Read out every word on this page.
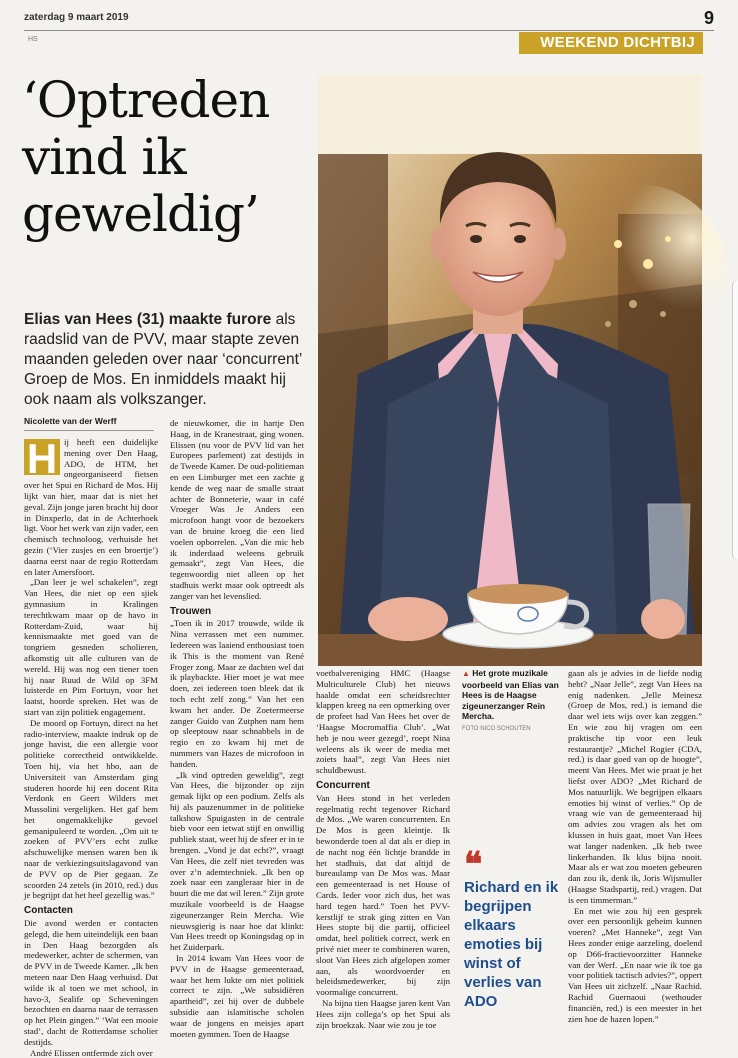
zaterdag 9 maart 2019	9
HS	WEEKEND DICHTBIJ
‘Optreden vind ik geweldig’
Elias van Hees (31) maakte furore als raadslid van de PVV, maar stapte zeven maanden geleden over naar ‘concurrent’ Groep de Mos. En inmiddels maakt hij ook naam als volkszanger.
Nicolette van der Werff

H ij heeft een duidelijke mening over Den Haag, ADO, de HTM, het ongeorganiseerd fietsen over het Spui en Richard de Mos. Hij lijkt van hier, maar dat is niet het geval. Zijn jonge jaren bracht hij door in Dinxperlo, dat in de Achterhoek ligt. Voor het werk van zijn vader, een chemisch technoloog, verhuisde het gezin (‘Vier zusjes en een broertje’) daarna eerst naar de regio Rotterdam en later Amersfoort.

„Dan leer je wel schakelen”, zegt Van Hees, die niet op een sjiek gymnasium in Kralingen terechtkwam maar op de havo in Rotterdam-Zuid, waar hij kennismaakte met goed van de tongriem gesneden scholieren, afkomstig uit alle culturen van de wereld. Hij was nog een tiener toen hij naar Ruud de Wild op 3FM luisterde en Pim Fortuyn, voor het laatst, hoorde spreken. Het was de start van zijn politiek engagement.

De moord op Fortuyn, direct na het radio-interview, maakte indruk op de jonge havist, die een allergie voor politieke correctheid ontwikkelde. Toen hij, via het hbo, aan de Universiteit van Amsterdam ging studeren hoorde hij een docent Rita Verdonk en Geert Wilders met Mussolini vergelijken. Het gaf hem het ongemakkelijke gevoel gemanipuleerd te worden. „Om uit te zoeken of PVV’ers echt zulke afschuwelijke mensen waren ben ik naar de verkiezingsuitslagavond van de PVV op de Pier gegaan. Ze scoorden 24 zetels (in 2010, red.) dus je begrijpt dat het heel gezellig was.”

Contacten

Die avond werden er contacten gelegd, die hem uiteindelijk een baan in Den Haag bezorgden als medewerker, achter de schermen, van de PVV in de Tweede Kamer. „Ik ben meteen naar Den Haag verhuisd. Dat wilde ik al toen we met school, in havo-3, Sealife op Scheveningen bezochten en daarna naar de terrassen op het Plein gingen.” ‘Wat een mooie stad’, dacht de Rotterdamse scholier destijds.

André Elissen ontfermde zich over

de nieuwkomer, die in hartje Den Haag, in de Kranestraat, ging wonen. Elissen (nu voor de PVV lid van het Europees parlement) zat destijds in de Tweede Kamer. De oud-politieman en een Limburger met een zachte g kende de weg naar de smalle straat achter de Bonneterie, waar in café Vroeger Was Je Anders een microfoon hangt voor de bezoekers van de bruine kroeg die een lied voelen opborrelen. „Van die mic heb ik inderdaad weleens gebruik gemaakt”, zegt Van Hees, die tegenwoordig niet alleen op het stadhuis werkt maar ook optreedt als zanger van het levenslied.

Trouwen

„Toen ik in 2017 trouwde, wilde ik Nina verrassen met een nummer. Iedereen was laaiend enthousiast toen ik This is the moment van René Froger zong. Maar ze dachten wel dat ik playbackte. Hier moet je wat mee doen, zei iedereen toen bleek dat ik toch echt zelf zong.” Van het een kwam het ander. De Zoetermeerse zanger Guido van Zutphen nam hem op sleeptouw naar schnabbels in de regio en zo kwam hij met de nummers van Hazes de microfoon in handen.

„Ik vind optreden geweldig”, zegt Van Hees, die bijzonder op zijn gemak lijkt op een podium. Zelfs als hij als pauzenummer in de politieke talkshow Spuigasten in de centrale bieb voor een ietwat stijf en onwillig publiek staat, weet hij de sfeer er in te brengen. „Vond je dat echt?”, vraagt Van Hees, die zelf niet tevreden was over z’n ademtechniek. „Ik ben op zoek naar een zangleraar hier in de buurt die me dat wil leren.” Zijn grote muzikale voorbeeld is de Haagse zigeunerzanger Rein Mercha. Wie nieuwsgierig is naar hoe dat klinkt: Van Hees treedt op Koningsdag op in het Zuiderpark.

In 2014 kwam Van Hees voor de PVV in de Haagse gemeenteraad, waar het hem lukte om niet politiek correct te zijn. „We subsidiëren apartheid”, zei hij over de dubbele subsidie aan islamitische scholen waar de jongens en meisjes apart moeten gymmen. Toen de Haagse

voetbalvereniging HMC (Haagse Multiculturele Club) het nieuws haalde omdat een scheidsrechter klappen kreeg na een opmerking over de profeet had Van Hees het over de ‘Haagse Mocromaffia Club’. „Wat heb je nou weer gezegd’, roept Nina weleens als ik weer de media met zoiets haal”, zegt Van Hees niet schuldbewust.

Concurrent

Van Hees stond in het verleden regelmatig recht tegenover Richard de Mos. „We waren concurrenten. En De Mos is geen kleintje. Ik bewonderde toen al dat als er diep in de nacht nog één lichtje brandde in het stadhuis, dat dat altijd de bureaulamp van De Mos was. Maar een gemeenteraad is net House of Cards. Ieder voor zich dus, het was hard tegen hard.” Toen het PVV-kerstlijf te strak ging zitten en Van Hees stopte bij die partij, officieel omdat, heel politiek correct, werk en privé niet meer te combineren waren, sloot Van Hees zich afgelopen zomer aan, als woordvoerder en beleidsmedewerker, bij zijn voormalige concurrent.

Na bijna tien Haagse jaren kent Van Hees zijn collega’s op het Spui als zijn broekzak. Naar wie zou je toe

▲ Het grote muzikale voorbeeld van Elias van Hees is de Haagse zigeunerzanger Rein Mercha.
FOTO NICO SCHOUTEN
❝
Richard en ik begrijpen elkaars emoties bij winst of verlies van ADO

gaan als je advies in de liefde nodig hebt? „Naar Jelle”, zegt Van Hees na enig nadenken. „Jelle Meinesz (Groep de Mos, red.) is iemand die daar wel iets wijs over kan zeggen.” En wie zou hij vragen om een praktische tip voor een leuk restaurantje? „Michel Rogier (CDA, red.) is daar goed van op de hoogte”, meent Van Hees. Met wie praat je het liefst over ADO? „Met Richard de Mos natuurlijk. We begrijpen elkaars emoties bij winst of verlies.” Op de vraag wie van de gemeenteraad hij om advies zou vragen als het om klussen in huis gaat, moet Van Hees wat langer nadenken. „Ik heb twee linkerhanden. Ik klus bijna nooit. Maar als er wat zou moeten gebeuren dan zou ik, denk ik, Joris Wijsmuller (Haagse Stadspartij, red.) vragen. Dat is een timmerman.”

En met wie zou hij een gesprek over een persoonlijk geheim kunnen voeren? „Met Hanneke”, zegt Van Hees zonder enige aarzeling, doelend op D66-fractievoorzitter Hanneke van der Werf. „En naar wie ik toe ga voor politiek tactisch advies?”, oppert Van Hees uit zichzelf. „Naar Rachid. Rachid Guernaoui (wethouder financiën, red.) is een meester in het zien hoe de hazen lopen.”
